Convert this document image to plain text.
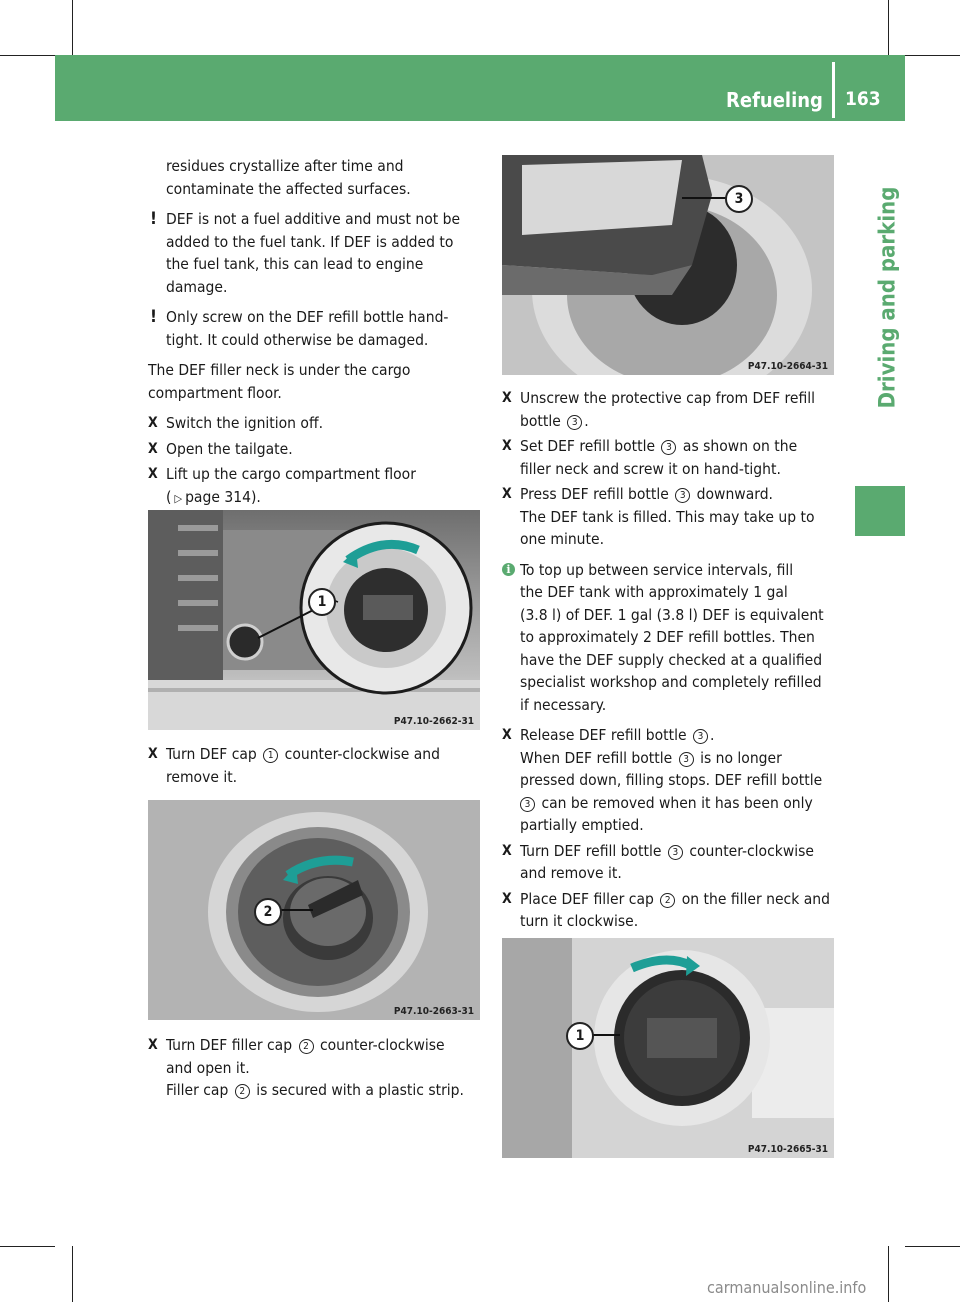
Refueling 163
Driving and parking

residues crystallize after time and

contaminate the affected surfaces.

! DEF is not a fuel additive and must not be

added to the fuel tank. If DEF is added to

the fuel tank, this can lead to engine

damage.

! Only screw on the DEF refill bottle hand-

tight. It could otherwise be damaged.

The DEF filler neck is under the cargo

compartment floor.

X Switch the ignition off.

X Open the tailgate.

X Lift up the cargo compartment floor

( ▷ page 314).

1
P47.10-2662-31
X Turn DEF cap 1 counter-clockwise and

remove it.

2
P47.10-2663-31
X Turn DEF filler cap 2 counter-clockwise

and open it.

Filler cap 2 is secured with a plastic strip.

3
P47.10-2664-31
X Unscrew the protective cap from DEF refill

bottle 3 .

X Set DEF refill bottle 3 as shown on the

filler neck and screw it on hand-tight.

X Press DEF refill bottle 3 downward.

The DEF tank is filled. This may take up to

one minute.

i To top up between service intervals, fill

the DEF tank with approximately 1 gal

(3.8 l) of DEF. 1 gal (3.8 l) DEF is equivalent

to approximately 2 DEF refill bottles. Then

have the DEF supply checked at a qualified

specialist workshop and completely refilled

if necessary.

X Release DEF refill bottle 3 .

When DEF refill bottle 3 is no longer

pressed down, filling stops. DEF refill bottle

3 can be removed when it has been only

partially emptied.

X Turn DEF refill bottle 3 counter-clockwise

and remove it.

X Place DEF filler cap 2 on the filler neck and

turn it clockwise.

1
P47.10-2665-31
carmanualsonline.info
